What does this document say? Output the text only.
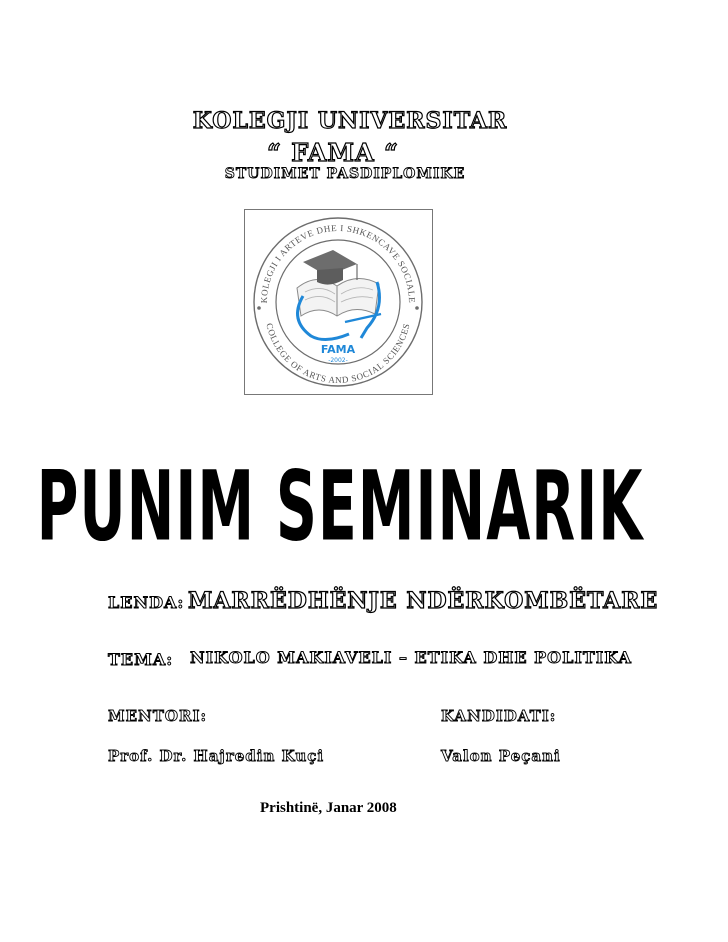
KOLEGJI UNIVERSITAR

“ FAMA “

STUDIMET PASDIPLOMIKE

KOLEGJI I ARTEVE DHE I SHKENCAVE SOCIALE
COLLEGE OF ARTS AND SOCIAL SCIENCES
FAMA
-2002-
PUNIM SEMINARIK

LENDA: MARRËDHËNJE NDËRKOMBËTARE

TEMA: NIKOLO MAKIAVELI – ETIKA DHE POLITIKA

MENTORI:	KANDIDATI:

Prof. Dr. Hajredin Kuçi	Valon Peçani

Prishtinë, Janar 2008
